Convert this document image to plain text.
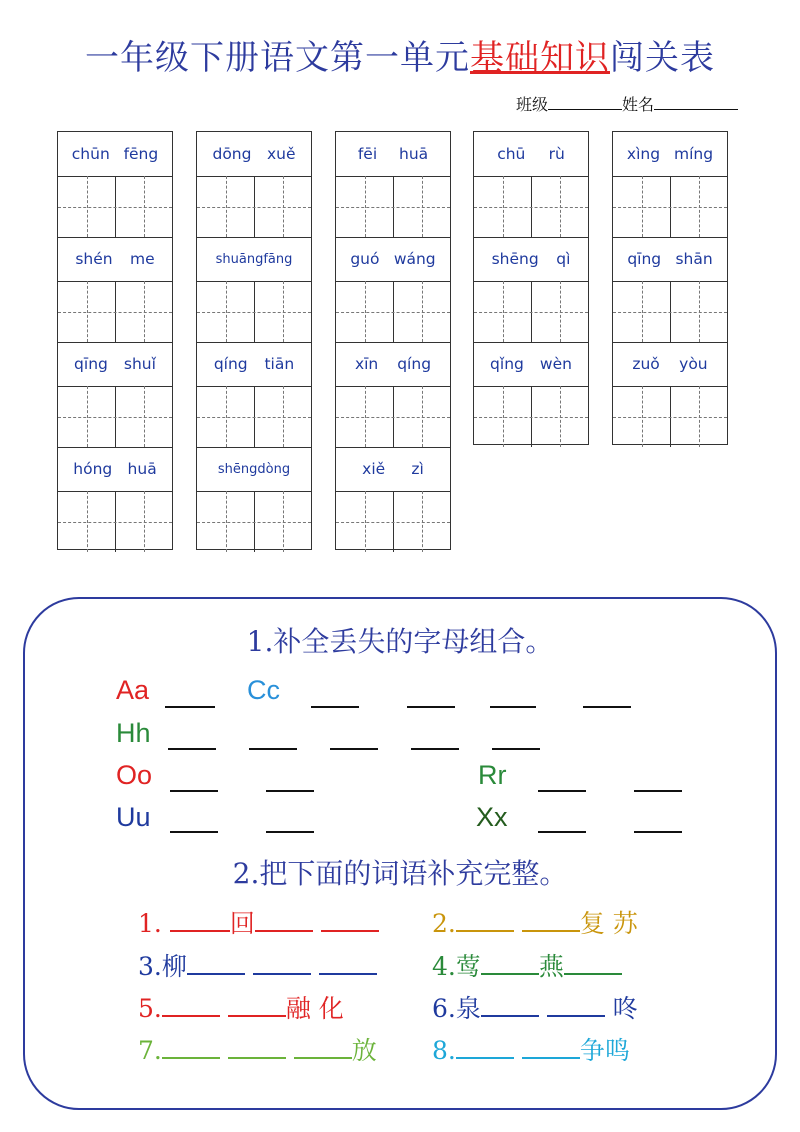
一年级下册语文第一单元基础知识闯关表
班级	姓名
chūn fēng
shén me
qīng shuǐ
hóng huā
dōng xuě
shuāngfāng
qíng tiān
shēngdòng
fēi huā
guó wáng
xīn qíng
xiě zì
chū rù
shēng qì
qǐng wèn
xìng míng
qīng shān
zuǒ yòu
1.补全丢失的字母组合。
Aa	Cc
Hh
Oo	Rr
Uu	Xx
2.把下面的词语补充完整。
1.	回	2.	复 苏
3.柳	4.莺 燕
5.	融 化	6.泉	咚
7.	放 8.	争鸣
